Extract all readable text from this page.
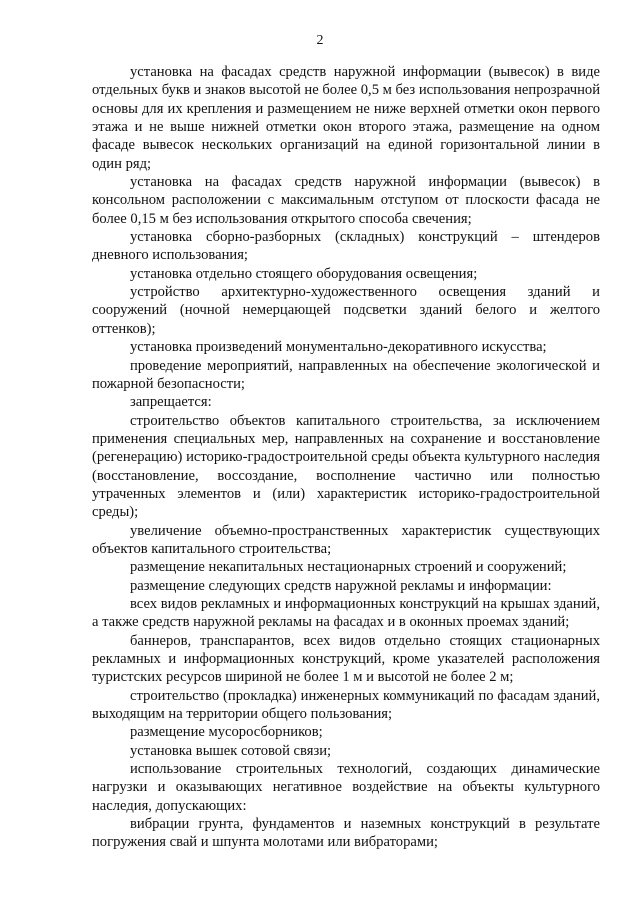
2

установка на фасадах средств наружной информации (вывесок) в виде отдельных букв и знаков высотой не более 0,5 м без использования непрозрачной основы для их крепления и размещением не ниже верхней отметки окон первого этажа и не выше нижней отметки окон второго этажа, размещение на одном фасаде вывесок нескольких организаций на единой горизонтальной линии в один ряд;

установка на фасадах средств наружной информации (вывесок) в консольном расположении с максимальным отступом от плоскости фасада не более 0,15 м без использования открытого способа свечения;

установка сборно-разборных (складных) конструкций – штендеров дневного использования;

установка отдельно стоящего оборудования освещения;

устройство архитектурно-художественного освещения зданий и сооружений (ночной немерцающей подсветки зданий белого и желтого оттенков);

установка произведений монументально-декоративного искусства;

проведение мероприятий, направленных на обеспечение экологической и пожарной безопасности;

запрещается:

строительство объектов капитального строительства, за исключением применения специальных мер, направленных на сохранение и восстановление (регенерацию) историко-градостроительной среды объекта культурного наследия (восстановление, воссоздание, восполнение частично или полностью утраченных элементов и (или) характеристик историко-градостроительной среды);

увеличение объемно-пространственных характеристик существующих объектов капитального строительства;

размещение некапитальных нестационарных строений и сооружений;

размещение следующих средств наружной рекламы и информации:

всех видов рекламных и информационных конструкций на крышах зданий, а также средств наружной рекламы на фасадах и в оконных проемах зданий;

баннеров, транспарантов, всех видов отдельно стоящих стационарных рекламных и информационных конструкций, кроме указателей расположения туристских ресурсов шириной не более 1 м и высотой не более 2 м;

строительство (прокладка) инженерных коммуникаций по фасадам зданий, выходящим на территории общего пользования;

размещение мусоросборников;

установка вышек сотовой связи;

использование строительных технологий, создающих динамические нагрузки и оказывающих негативное воздействие на объекты культурного наследия, допускающих:

вибрации грунта, фундаментов и наземных конструкций в результате погружения свай и шпунта молотами или вибраторами;
